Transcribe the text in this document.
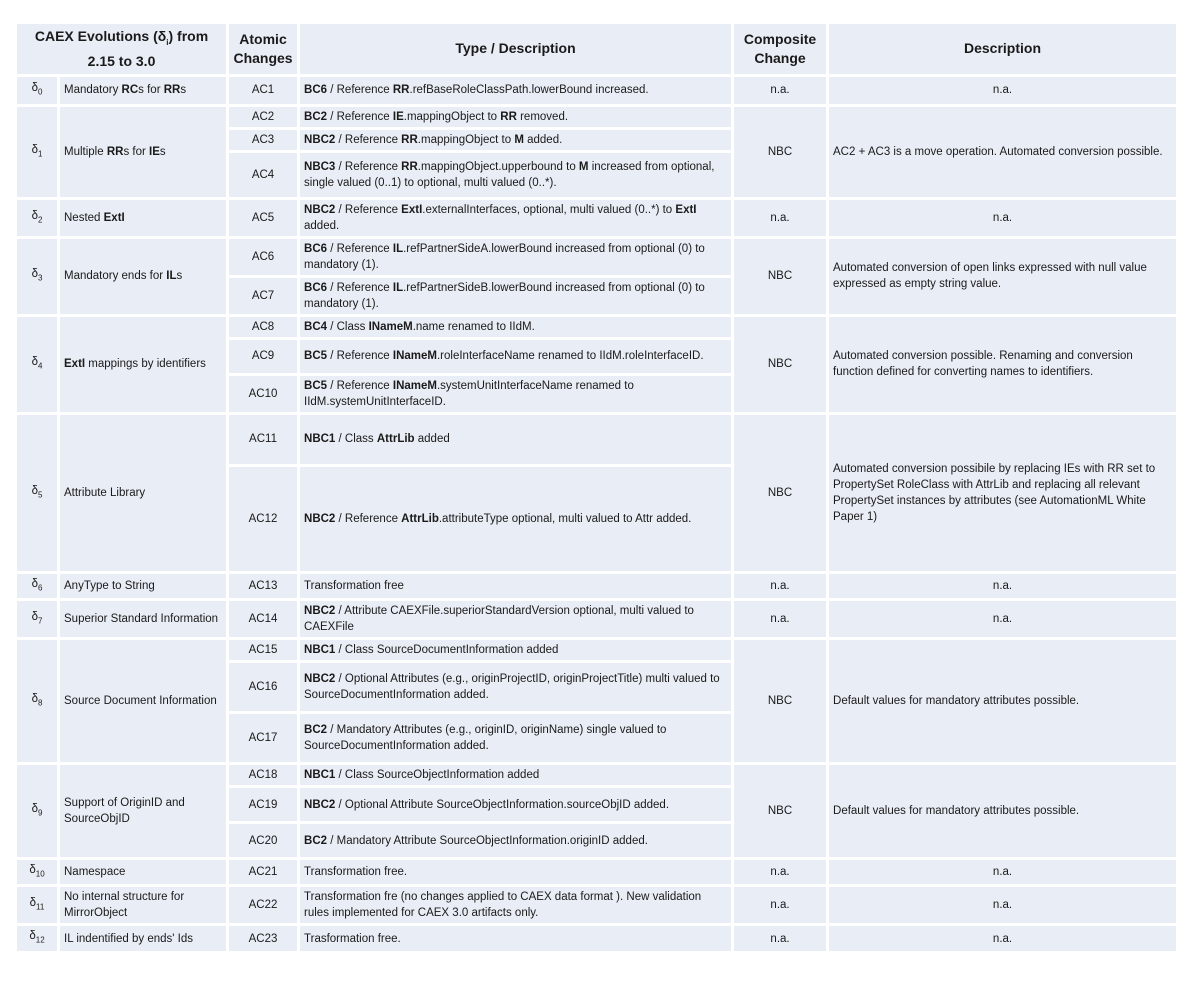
CAEX Evolutions $(\delta_i)$ from 2.15 to 3.0		Atomic Changes	Type / Description	Composite Change	Description
$\delta_0$	Mandatory RCs for RRs	AC1	BC6 / Reference RR.refBaseRoleClassPath.lowerBound increased.	n.a.	n.a.
$\delta_1$	Multiple RRs for IEs	AC2	BC2 / Reference IE.mappingObject to RR removed.	NBC	AC2 + AC3 is a move operation. Automated conversion possible.
		AC3	NBC2 / Reference RR.mappingObject to M added.		
		AC4	NBC3 / Reference RR.mappingObject.upperbound to M increased from optional, single valued (0..1) to optional, multi valued (0..*).		
$\delta_2$	Nested ExtI	AC5	NBC2 / Reference ExtI.externalInterfaces, optional, multi valued (0..*) to ExtI added.	n.a.	n.a.
$\delta_3$	Mandatory ends for ILs	AC6	BC6 / Reference IL.refPartnerSideA.lowerBound increased from optional (0) to mandatory (1).	NBC	Automated conversion of open links expressed with null value expressed as empty string value.
		AC7	BC6 / Reference IL.refPartnerSideB.lowerBound increased from optional (0) to mandatory (1).		
$\delta_4$	ExtI mappings by identifiers	AC8	BC4 / Class INameM.name renamed to IIdM.	NBC	Automated conversion possible. Renaming and conversion function defined for converting names to identifiers.
		AC9	BC5 / Reference INameM.roleInterfaceName renamed to IIdM.roleInterfaceID.		
		AC10	BC5 / Reference INameM.systemUnitInterfaceName renamed to IIdM.systemUnitInterfaceID.		
$\delta_5$	Attribute Library	AC11	NBC1 / Class AttrLib added	NBC	Automated conversion possibile by replacing IEs with RR set to PropertySet RoleClass with AttrLib and replacing all relevant PropertySet instances by attributes (see AutomationML White Paper 1)
		AC12	NBC2 / Reference AttrLib.attributeType optional, multi valued to Attr added.		
$\delta_6$	AnyType to String	AC13	Transformation free	n.a.	n.a.
$\delta_7$	Superior Standard Information	AC14	NBC2 / Attribute CAEXFile.superiorStandardVersion optional, multi valued to CAEXFile	n.a.	n.a.
$\delta_8$	Source Document Information	AC15	NBC1 / Class SourceDocumentInformation added	NBC	Default values for mandatory attributes possible.
		AC16	NBC2 / Optional Attributes (e.g., originProjectID, originProjectTitle) multi valued to SourceDocumentInformation added.		
		AC17	BC2 / Mandatory Attributes (e.g., originID, originName) single valued to SourceDocumentInformation added.		
$\delta_9$	Support of OriginID and SourceObjID	AC18	NBC1 / Class SourceObjectInformation added	NBC	Default values for mandatory attributes possible.
		AC19	NBC2 / Optional Attribute SourceObjectInformation.sourceObjID added.		
		AC20	BC2 / Mandatory Attribute SourceObjectInformation.originID added.		
$\delta_{10}$	Namespace	AC21	Transformation free.	n.a.	n.a.
$\delta_{11}$	No internal structure for MirrorObject	AC22	Transformation fre (no changes applied to CAEX data format ). New validation rules implemented for CAEX 3.0 artifacts only.	n.a.	n.a.
$\delta_{12}$	IL indentified by ends' Ids	AC23	Trasformation free.	n.a.	n.a.
